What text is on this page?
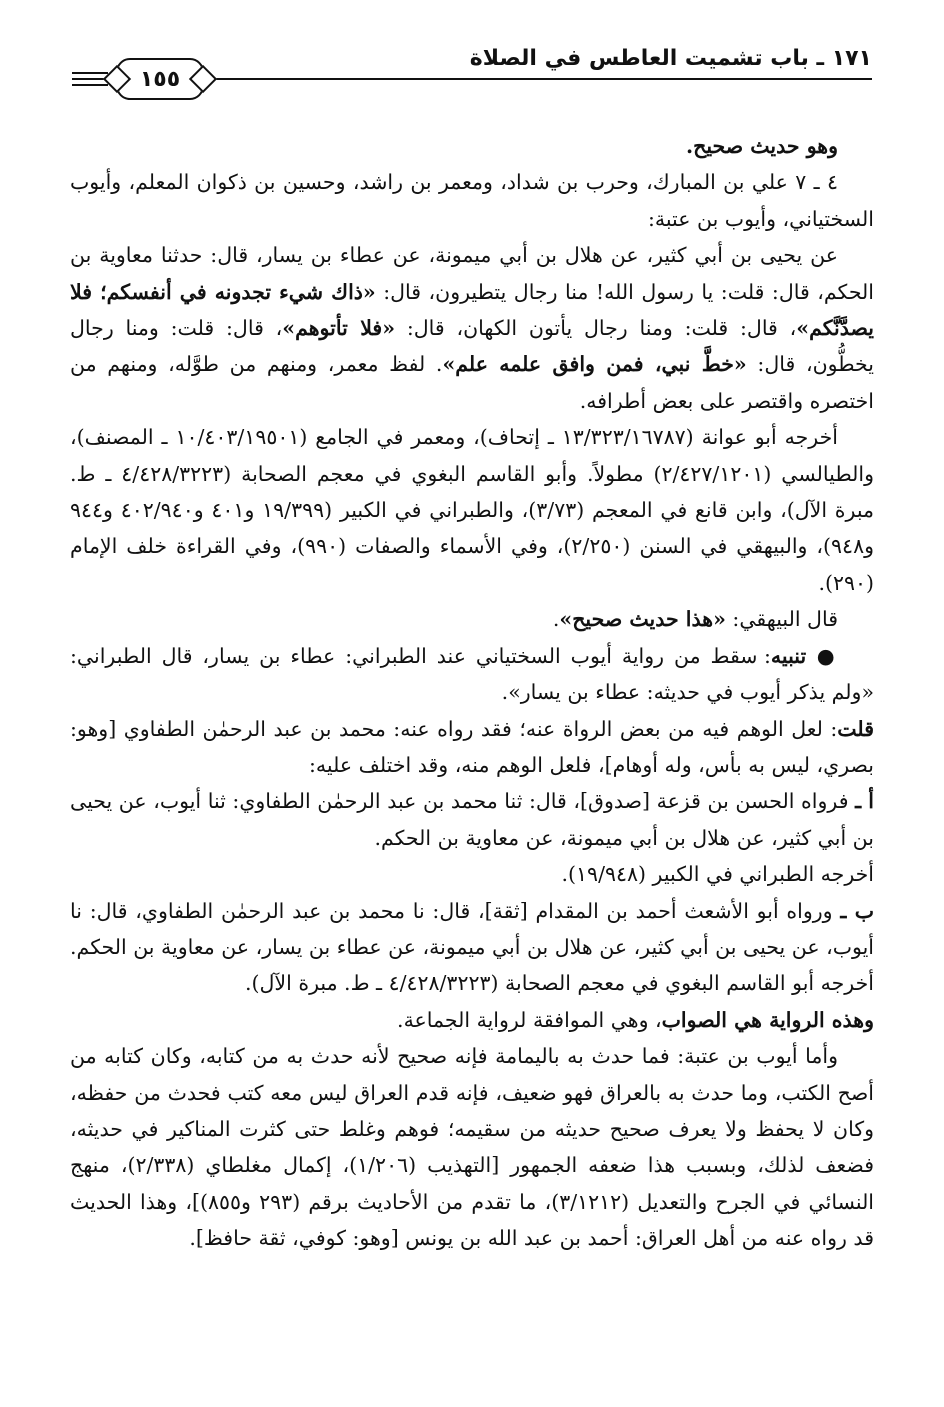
١٧١ ـ باب تشميت العاطس في الصلاة
١٥٥

وهو حديث صحيح.

٤ ـ ٧ علي بن المبارك، وحرب بن شداد، ومعمر بن راشد، وحسين بن ذكوان المعلم، وأيوب السختياني، وأيوب بن عتبة:

عن يحيى بن أبي كثير، عن هلال بن أبي ميمونة، عن عطاء بن يسار، قال: حدثنا معاوية بن الحكم، قال: قلت: يا رسول الله! منا رجال يتطيرون، قال: «ذاك شيء تجدونه في أنفسكم؛ فلا يصدَّنَّكم»، قال: قلت: ومنا رجال يأتون الكهان، قال: «فلا تأتوهم»، قال: قلت: ومنا رجال يخطُّون، قال: «خطَّ نبي، فمن وافق علمه علم». لفظ معمر، ومنهم من طوَّله، ومنهم من اختصره واقتصر على بعض أطرافه.

أخرجه أبو عوانة (١٣/٣٢٣/١٦٧٨٧ ـ إتحاف)، ومعمر في الجامع (١٠/٤٠٣/١٩٥٠١ ـ المصنف)، والطيالسي (٢/٤٢٧/١٢٠١) مطولاً. وأبو القاسم البغوي في معجم الصحابة (٤/٤٢٨/٣٢٢٣ ـ ط. مبرة الآل)، وابن قانع في المعجم (٣/٧٣)، والطبراني في الكبير (١٩/٣٩٩ و٤٠١ و٤٠٢/٩٤٠ و٩٤٤ و٩٤٨)، والبيهقي في السنن (٢/٢٥٠)، وفي الأسماء والصفات (٩٩٠)، وفي القراءة خلف الإمام (٢٩٠).

قال البيهقي: «هذا حديث صحيح».

● تنبيه: سقط من رواية أيوب السختياني عند الطبراني: عطاء بن يسار، قال الطبراني: «ولم يذكر أيوب في حديثه: عطاء بن يسار».

قلت: لعل الوهم فيه من بعض الرواة عنه؛ فقد رواه عنه: محمد بن عبد الرحمٰن الطفاوي [وهو: بصري، ليس به بأس، وله أوهام]، فلعل الوهم منه، وقد اختلف عليه:

أ ـ فرواه الحسن بن قزعة [صدوق]، قال: ثنا محمد بن عبد الرحمٰن الطفاوي: ثنا أيوب، عن يحيى بن أبي كثير، عن هلال بن أبي ميمونة، عن معاوية بن الحكم.

أخرجه الطبراني في الكبير (١٩/٩٤٨).

ب ـ ورواه أبو الأشعث أحمد بن المقدام [ثقة]، قال: نا محمد بن عبد الرحمٰن الطفاوي، قال: نا أيوب، عن يحيى بن أبي كثير، عن هلال بن أبي ميمونة، عن عطاء بن يسار، عن معاوية بن الحكم.

أخرجه أبو القاسم البغوي في معجم الصحابة (٤/٤٢٨/٣٢٢٣ ـ ط. مبرة الآل).

وهذه الرواية هي الصواب، وهي الموافقة لرواية الجماعة.

وأما أيوب بن عتبة: فما حدث به باليمامة فإنه صحيح لأنه حدث به من كتابه، وكان كتابه من أصح الكتب، وما حدث به بالعراق فهو ضعيف، فإنه قدم العراق ليس معه كتب فحدث من حفظه، وكان لا يحفظ ولا يعرف صحيح حديثه من سقيمه؛ فوهم وغلط حتى كثرت المناكير في حديثه، فضعف لذلك، وبسبب هذا ضعفه الجمهور [التهذيب (١/٢٠٦)، إكمال مغلطاي (٢/٣٣٨)، منهج النسائي في الجرح والتعديل (٣/١٢١٢)، ما تقدم من الأحاديث برقم (٢٩٣ و٨٥٥)]، وهذا الحديث قد رواه عنه من أهل العراق: أحمد بن عبد الله بن يونس [وهو: كوفي، ثقة حافظ].
